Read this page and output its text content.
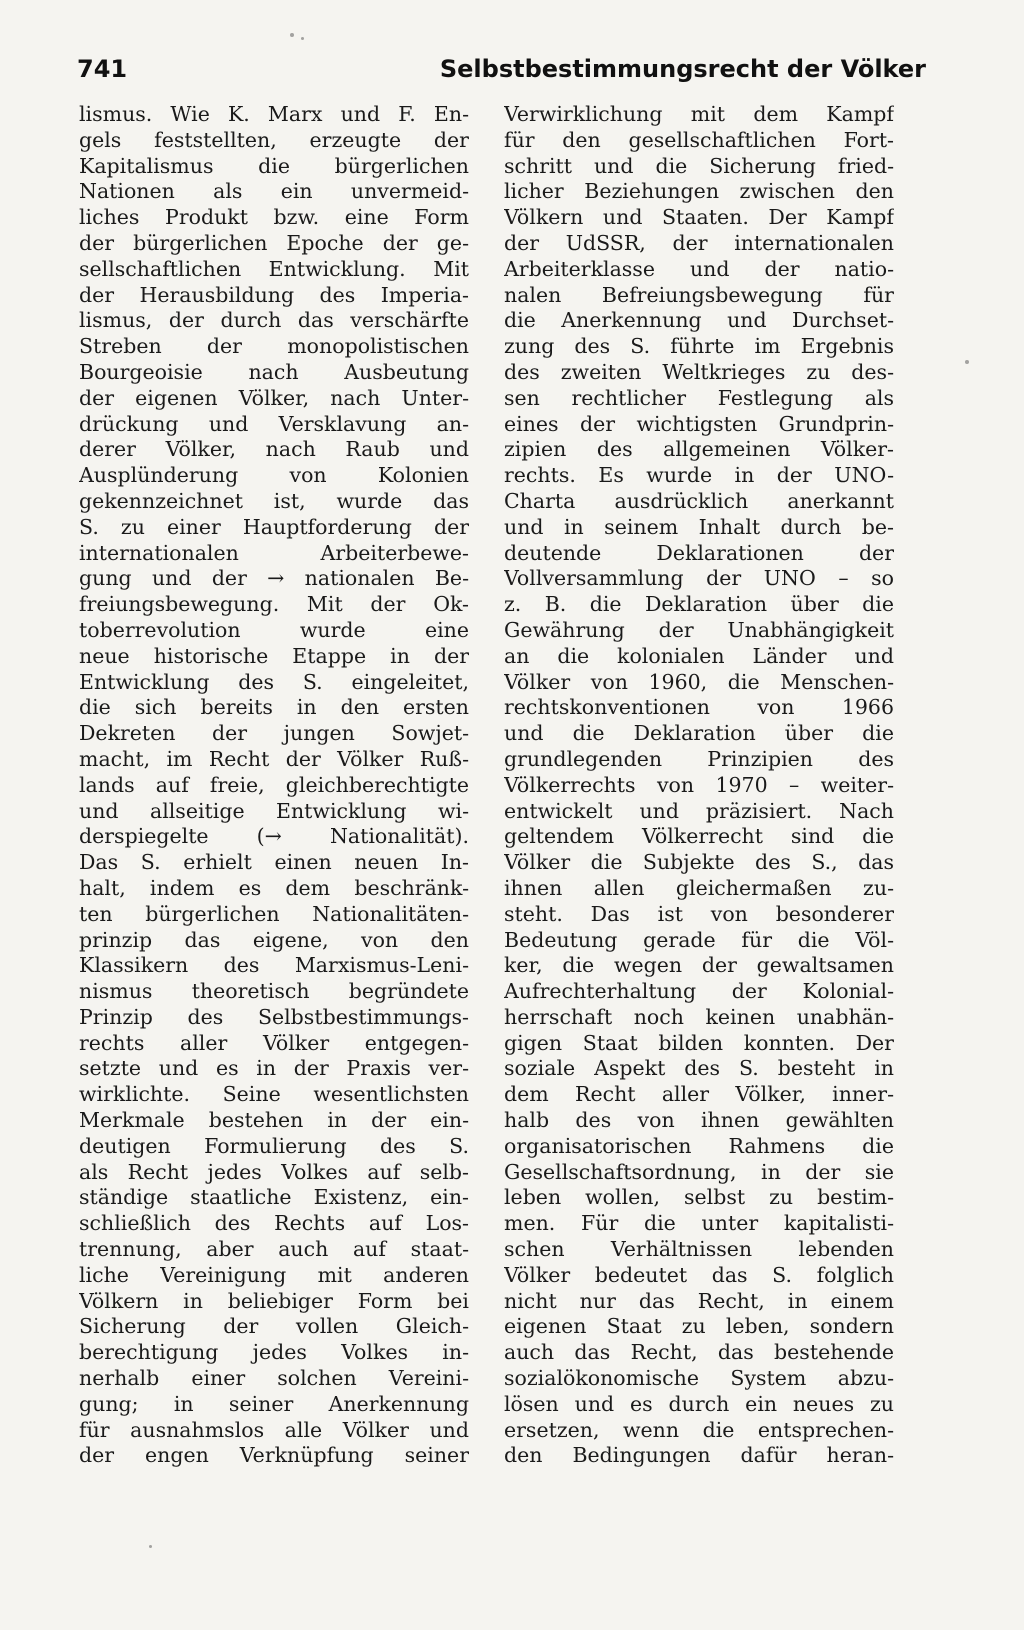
741	Selbstbestimmungsrecht der Völker
lismus. Wie K. Marx und F. En-
gels feststellten, erzeugte der
Kapitalismus die bürgerlichen
Nationen als ein unvermeid-
liches Produkt bzw. eine Form
der bürgerlichen Epoche der ge-
sellschaftlichen Entwicklung. Mit
der Herausbildung des Imperia-
lismus, der durch das verschärfte
Streben der monopolistischen
Bourgeoisie nach Ausbeutung
der eigenen Völker, nach Unter-
drückung und Versklavung an-
derer Völker, nach Raub und
Ausplünderung von Kolonien
gekennzeichnet ist, wurde das
S. zu einer Hauptforderung der
internationalen Arbeiterbewe-
gung und der → nationalen Be-
freiungsbewegung. Mit der Ok-
toberrevolution wurde eine
neue historische Etappe in der
Entwicklung des S. eingeleitet,
die sich bereits in den ersten
Dekreten der jungen Sowjet-
macht, im Recht der Völker Ruß-
lands auf freie, gleichberechtigte
und allseitige Entwicklung wi-
derspiegelte (→ Nationalität).
Das S. erhielt einen neuen In-
halt, indem es dem beschränk-
ten bürgerlichen Nationalitäten-
prinzip das eigene, von den
Klassikern des Marxismus-Leni-
nismus theoretisch begründete
Prinzip des Selbstbestimmungs-
rechts aller Völker entgegen-
setzte und es in der Praxis ver-
wirklichte. Seine wesentlichsten
Merkmale bestehen in der ein-
deutigen Formulierung des S.
als Recht jedes Volkes auf selb-
ständige staatliche Existenz, ein-
schließlich des Rechts auf Los-
trennung, aber auch auf staat-
liche Vereinigung mit anderen
Völkern in beliebiger Form bei
Sicherung der vollen Gleich-
berechtigung jedes Volkes in-
nerhalb einer solchen Vereini-
gung; in seiner Anerkennung
für ausnahmslos alle Völker und
der engen Verknüpfung seiner
Verwirklichung mit dem Kampf
für den gesellschaftlichen Fort-
schritt und die Sicherung fried-
licher Beziehungen zwischen den
Völkern und Staaten. Der Kampf
der UdSSR, der internationalen
Arbeiterklasse und der natio-
nalen Befreiungsbewegung für
die Anerkennung und Durchset-
zung des S. führte im Ergebnis
des zweiten Weltkrieges zu des-
sen rechtlicher Festlegung als
eines der wichtigsten Grundprin-
zipien des allgemeinen Völker-
rechts. Es wurde in der UNO-
Charta ausdrücklich anerkannt
und in seinem Inhalt durch be-
deutende Deklarationen der
Vollversammlung der UNO – so
z. B. die Deklaration über die
Gewährung der Unabhängigkeit
an die kolonialen Länder und
Völker von 1960, die Menschen-
rechtskonventionen von 1966
und die Deklaration über die
grundlegenden Prinzipien des
Völkerrechts von 1970 – weiter-
entwickelt und präzisiert. Nach
geltendem Völkerrecht sind die
Völker die Subjekte des S., das
ihnen allen gleichermaßen zu-
steht. Das ist von besonderer
Bedeutung gerade für die Völ-
ker, die wegen der gewaltsamen
Aufrechterhaltung der Kolonial-
herrschaft noch keinen unabhän-
gigen Staat bilden konnten. Der
soziale Aspekt des S. besteht in
dem Recht aller Völker, inner-
halb des von ihnen gewählten
organisatorischen Rahmens die
Gesellschaftsordnung, in der sie
leben wollen, selbst zu bestim-
men. Für die unter kapitalisti-
schen Verhältnissen lebenden
Völker bedeutet das S. folglich
nicht nur das Recht, in einem
eigenen Staat zu leben, sondern
auch das Recht, das bestehende
sozialökonomische System abzu-
lösen und es durch ein neues zu
ersetzen, wenn die entsprechen-
den Bedingungen dafür heran-
